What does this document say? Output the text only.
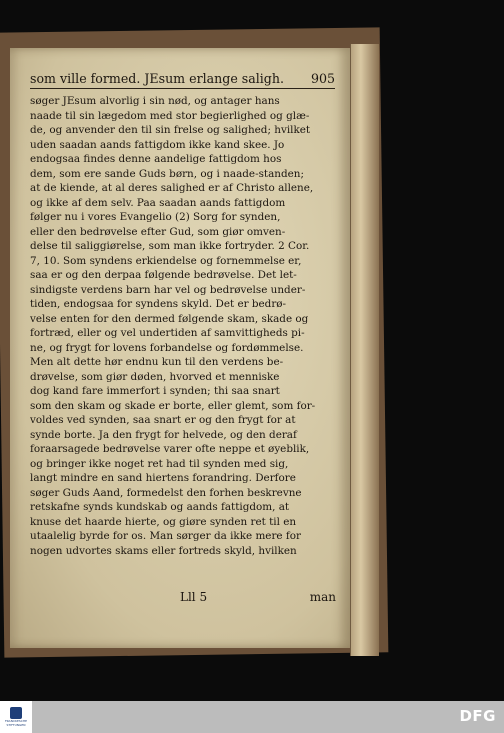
som ville formed. JEsum erlange saligh. 905
søger JEsum alvorlig i sin nød, og antager hans
naade til sin lægedom med stor begierlighed og glæ-
de, og anvender den til sin frelse og salighed; hvilket
uden saadan aands fattigdom ikke kand skee. Jo
endogsaa findes denne aandelige fattigdom hos
dem, som ere sande Guds børn, og i naade-standen;
at de kiende, at al deres salighed er af Christo allene,
og ikke af dem selv. Paa saadan aands fattigdom
følger nu i vores Evangelio (2) Sorg for synden,
eller den bedrøvelse efter Gud, som giør omven-
delse til saliggiørelse, som man ikke fortryder. 2 Cor.
7, 10. Som syndens erkiendelse og fornemmelse er,
saa er og den derpaa følgende bedrøvelse. Det let-
sindigste verdens barn har vel og bedrøvelse under-
tiden, endogsaa for syndens skyld. Det er bedrø-
velse enten for den dermed følgende skam, skade og
fortræd, eller og vel undertiden af samvittigheds pi-
ne, og frygt for lovens forbandelse og fordømmelse.
Men alt dette hør endnu kun til den verdens be-
drøvelse, som giør døden, hvorved et menniske
dog kand fare immerfort i synden; thi saa snart
som den skam og skade er borte, eller glemt, som for-
voldes ved synden, saa snart er og den frygt for at
synde borte. Ja den frygt for helvede, og den deraf
foraarsagede bedrøvelse varer ofte neppe et øyeblik,
og bringer ikke noget ret had til synden med sig,
langt mindre en sand hiertens forandring. Derfore
søger Guds Aand, formedelst den forhen beskrevne
retskafne synds kundskab og aands fattigdom, at
knuse det haarde hierte, og giøre synden ret til en
utaalelig byrde for os. Man sørger da ikke mere for
nogen udvortes skams eller fortreds skyld, hvilken
Lll 5	man
FRANCKESCHE STIFTUNGEN	DFG
